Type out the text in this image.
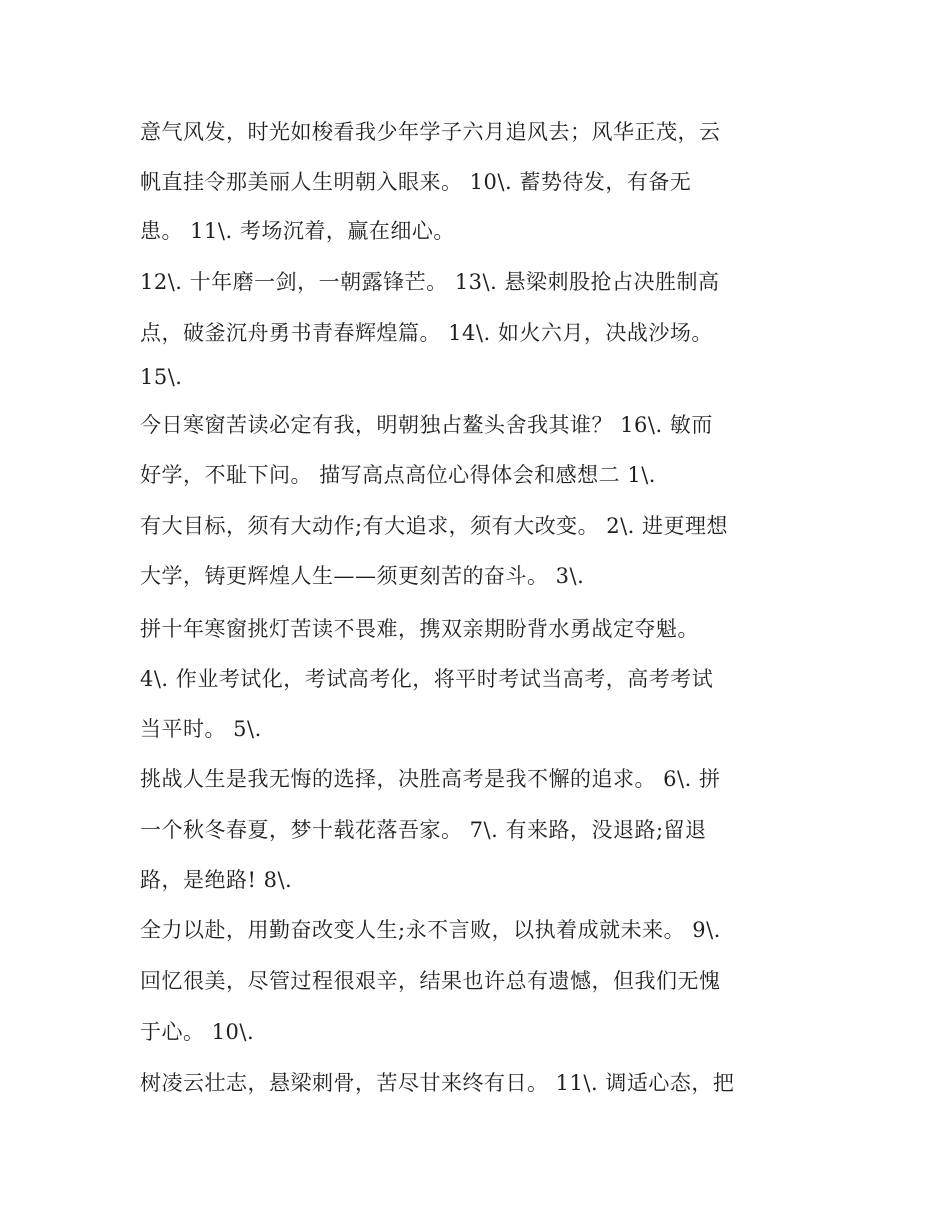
意气风发，时光如梭看我少年学子六月追风去；风华正茂，云
帆直挂令那美丽人生明朝入眼来。 10\. 蓄势待发，有备无
患。 11\. 考场沉着，赢在细心。
12\. 十年磨一剑，一朝露锋芒。 13\. 悬梁刺股抢占决胜制高
点，破釜沉舟勇书青春辉煌篇。 14\. 如火六月，决战沙场。
15\.
今日寒窗苦读必定有我，明朝独占鳌头舍我其谁？ 16\. 敏而
好学，不耻下问。 描写高点高位心得体会和感想二 1\.
有大目标，须有大动作;有大追求，须有大改变。 2\. 进更理想
大学，铸更辉煌人生——须更刻苦的奋斗。 3\.
拼十年寒窗挑灯苦读不畏难，携双亲期盼背水勇战定夺魁。
4\. 作业考试化，考试高考化，将平时考试当高考，高考考试
当平时。 5\.
挑战人生是我无悔的选择，决胜高考是我不懈的追求。 6\. 拼
一个秋冬春夏，梦十载花落吾家。 7\. 有来路，没退路;留退
路，是绝路! 8\.
全力以赴，用勤奋改变人生;永不言败，以执着成就未来。 9\.
回忆很美，尽管过程很艰辛，结果也许总有遗憾，但我们无愧
于心。 10\.
树凌云壮志，悬梁刺骨，苦尽甘来终有日。 11\. 调适心态，把
